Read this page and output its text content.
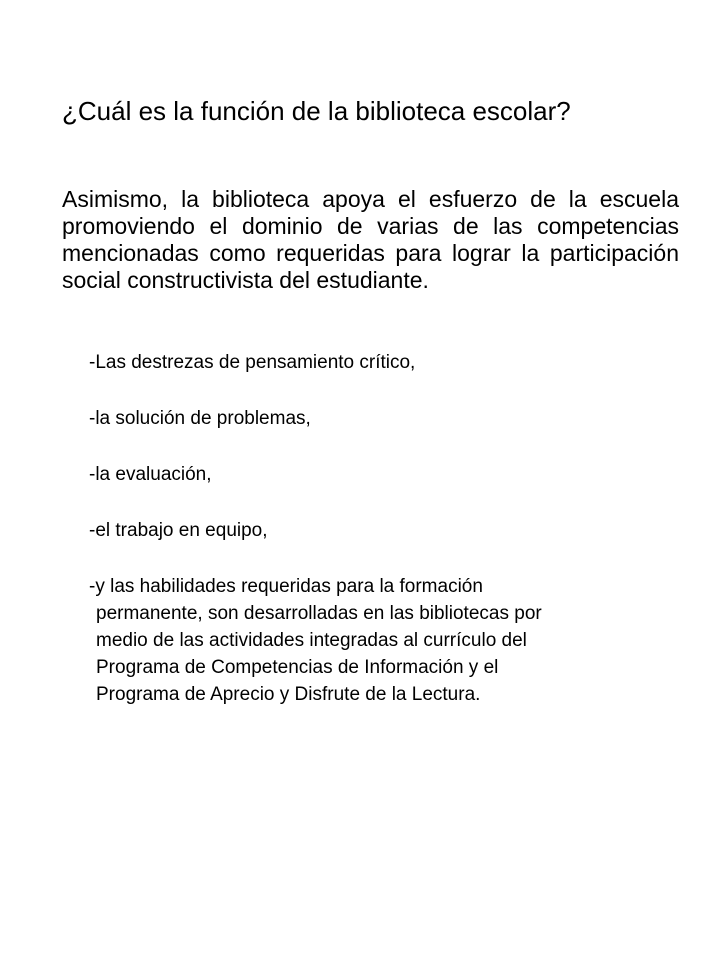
¿Cuál es la función de la biblioteca escolar?

Asimismo, la biblioteca apoya el esfuerzo de la escuela promoviendo el dominio de varias de las competencias mencionadas como requeridas para lograr la participación social constructivista del estudiante.

-Las destrezas de pensamiento crítico,
-la solución de problemas,
-la evaluación,
-el trabajo en equipo,
-y las habilidades requeridas para la formación
permanente, son desarrolladas en las bibliotecas por
medio de las actividades integradas al currículo del
Programa de Competencias de Información y el
Programa de Aprecio y Disfrute de la Lectura.
